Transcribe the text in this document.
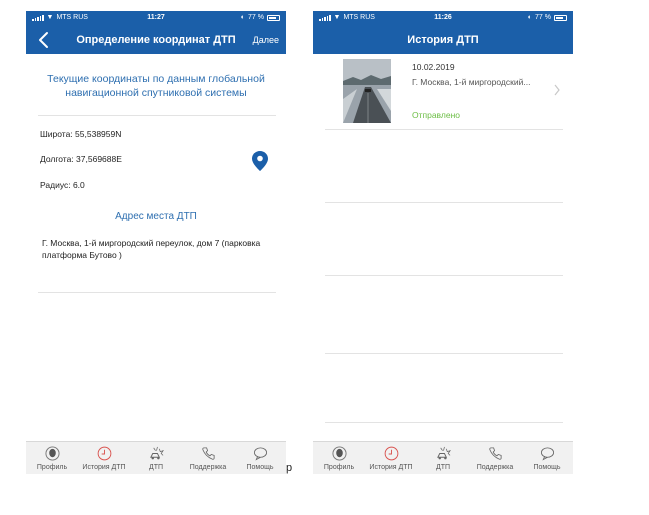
▼ MTS RUS	11:27	◐ 77 %
Определение координат ДТП	Далее
Текущие координаты по данным глобальной навигационной спутниковой системы
Широта: 55,538959N
Долгота: 37,569688E
Радиус: 6.0
Адрес места ДТП
Г. Москва, 1-й миргородский переулок, дом 7 (парковка платформа Бутово )
Профиль История ДТП	ДТП	Поддержка	Помощь р
▼ MTS RUS	11:26	◐ 77 %
История ДТП
10.02.2019
Г. Москва, 1-й миргородский...
Отправлено
Профиль История ДТП	ДТП	Поддержка	Помощь
